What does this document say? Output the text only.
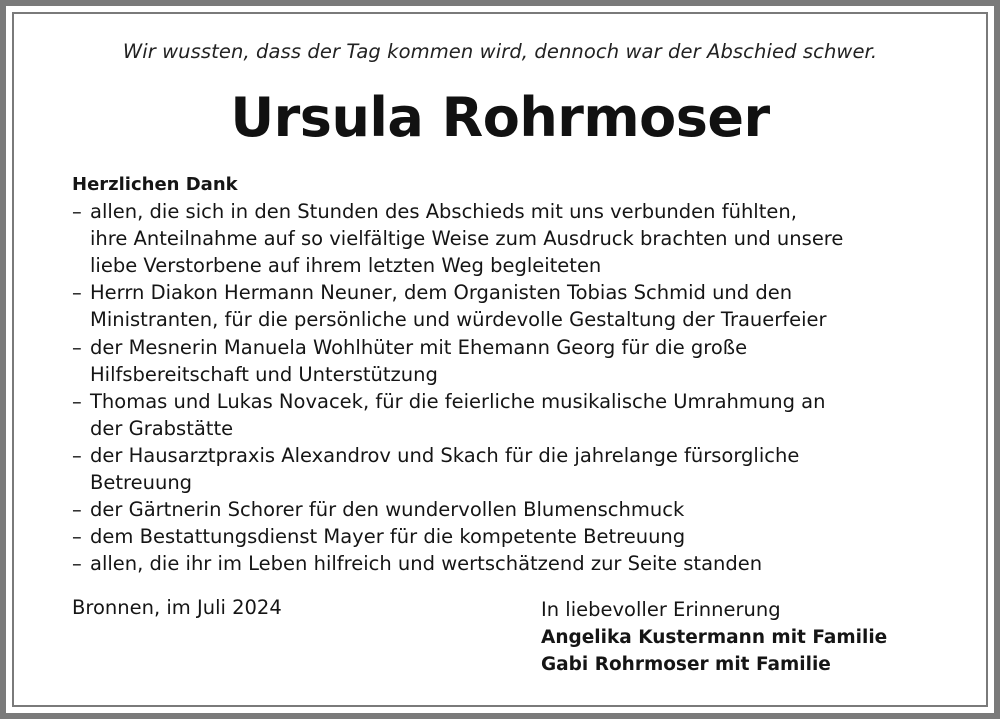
Wir wussten, dass der Tag kommen wird, dennoch war der Abschied schwer.
Ursula Rohrmoser
Herzlichen Dank
– allen, die sich in den Stunden des Abschieds mit uns verbunden fühlten,
ihre Anteilnahme auf so vielfältige Weise zum Ausdruck brachten und unsere
liebe Verstorbene auf ihrem letzten Weg begleiteten
– Herrn Diakon Hermann Neuner, dem Organisten Tobias Schmid und den
Ministranten, für die persönliche und würdevolle Gestaltung der Trauerfeier
– der Mesnerin Manuela Wohlhüter mit Ehemann Georg für die große
Hilfsbereitschaft und Unterstützung
– Thomas und Lukas Novacek, für die feierliche musikalische Umrahmung an
der Grabstätte
– der Hausarztpraxis Alexandrov und Skach für die jahrelange fürsorgliche
Betreuung
– der Gärtnerin Schorer für den wundervollen Blumenschmuck
– dem Bestattungsdienst Mayer für die kompetente Betreuung
– allen, die ihr im Leben hilfreich und wertschätzend zur Seite standen
Bronnen, im Juli 2024	In liebevoller Erinnerung
Angelika Kustermann mit Familie
Gabi Rohrmoser mit Familie
